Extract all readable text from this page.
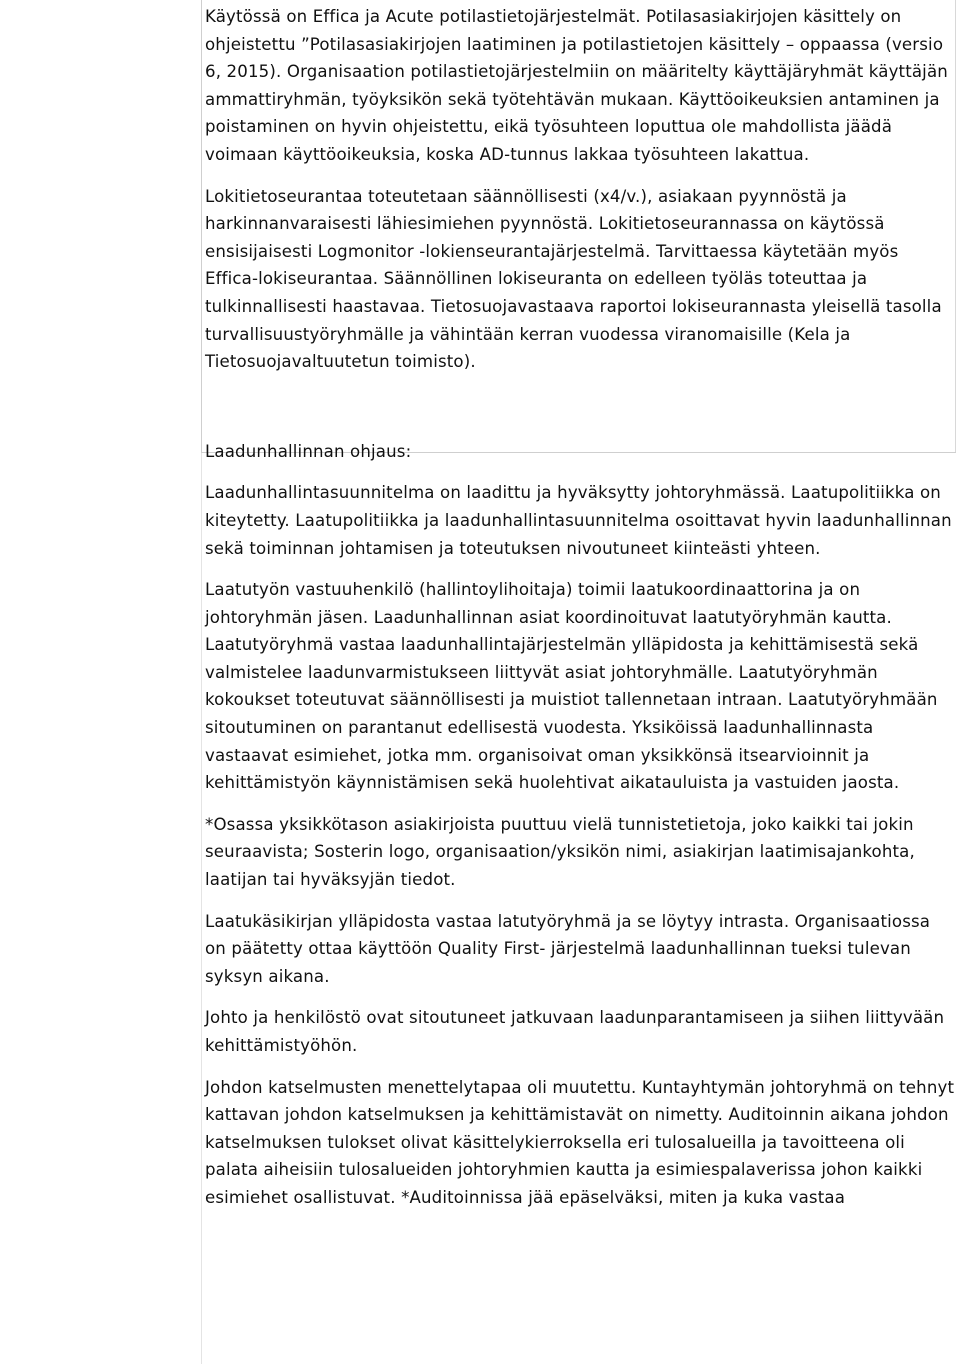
Käytössä on Effica ja Acute potilastietojärjestelmät. Potilasasiakirjojen käsittely on ohjeistettu ”Potilasasiakirjojen laatiminen ja potilastietojen käsittely – oppaassa (versio 6, 2015). Organisaation potilastietojärjestelmiin on määritelty käyttäjäryhmät käyttäjän ammattiryhmän, työyksikön sekä työtehtävän mukaan. Käyttöoikeuksien antaminen ja poistaminen on hyvin ohjeistettu, eikä työsuhteen loputtua ole mahdollista jäädä voimaan käyttöoikeuksia, koska AD-tunnus lakkaa työsuhteen lakattua.

Lokitietoseurantaa toteutetaan säännöllisesti (x4/v.), asiakaan pyynnöstä ja harkinnanvaraisesti lähiesimiehen pyynnöstä. Lokitietoseurannassa on käytössä ensisijaisesti Logmonitor -lokienseurantajärjestelmä. Tarvittaessa käytetään myös Effica-lokiseurantaa. Säännöllinen lokiseuranta on edelleen työläs toteuttaa ja tulkinnallisesti haastavaa. Tietosuojavastaava raportoi lokiseurannasta yleisellä tasolla turvallisuustyöryhmälle ja vähintään kerran vuodessa viranomaisille (Kela ja Tietosuojavaltuutetun toimisto).

Laadunhallinnan ohjaus:

Laadunhallintasuunnitelma on laadittu ja hyväksytty johtoryhmässä. Laatupolitiikka on kiteytetty. Laatupolitiikka ja laadunhallintasuunnitelma osoittavat hyvin laadunhallinnan sekä toiminnan johtamisen ja toteutuksen nivoutuneet kiinteästi yhteen.

Laatutyön vastuuhenkilö (hallintoylihoitaja) toimii laatukoordinaattorina ja on johtoryhmän jäsen. Laadunhallinnan asiat koordinoituvat laatutyöryhmän kautta. Laatutyöryhmä vastaa laadunhallintajärjestelmän ylläpidosta ja kehittämisestä sekä valmistelee laadunvarmistukseen liittyvät asiat johtoryhmälle. Laatutyöryhmän kokoukset toteutuvat säännöllisesti ja muistiot tallennetaan intraan. Laatutyöryhmään sitoutuminen on parantanut edellisestä vuodesta. Yksiköissä laadunhallinnasta vastaavat esimiehet, jotka mm. organisoivat oman yksikkönsä itsearvioinnit ja kehittämistyön käynnistämisen sekä huolehtivat aikatauluista ja vastuiden jaosta.

*Osassa yksikkötason asiakirjoista puuttuu vielä tunnistetietoja, joko kaikki tai jokin seuraavista; Sosterin logo, organisaation/yksikön nimi, asiakirjan laatimisajankohta, laatijan tai hyväksyjän tiedot.

Laatukäsikirjan ylläpidosta vastaa latutyöryhmä ja se löytyy intrasta. Organisaatiossa on päätetty ottaa käyttöön Quality First- järjestelmä laadunhallinnan tueksi tulevan syksyn aikana.

Johto ja henkilöstö ovat sitoutuneet jatkuvaan laadunparantamiseen ja siihen liittyvään kehittämistyöhön.

Johdon katselmusten menettelytapaa oli muutettu. Kuntayhtymän johtoryhmä on tehnyt kattavan johdon katselmuksen ja kehittämistavät on nimetty. Auditoinnin aikana johdon katselmuksen tulokset olivat käsittelykierroksella eri tulosalueilla ja tavoitteena oli palata aiheisiin tulosalueiden johtoryhmien kautta ja esimiespalaverissa johon kaikki esimiehet osallistuvat. *Auditoinnissa jää epäselväksi, miten ja kuka vastaa
